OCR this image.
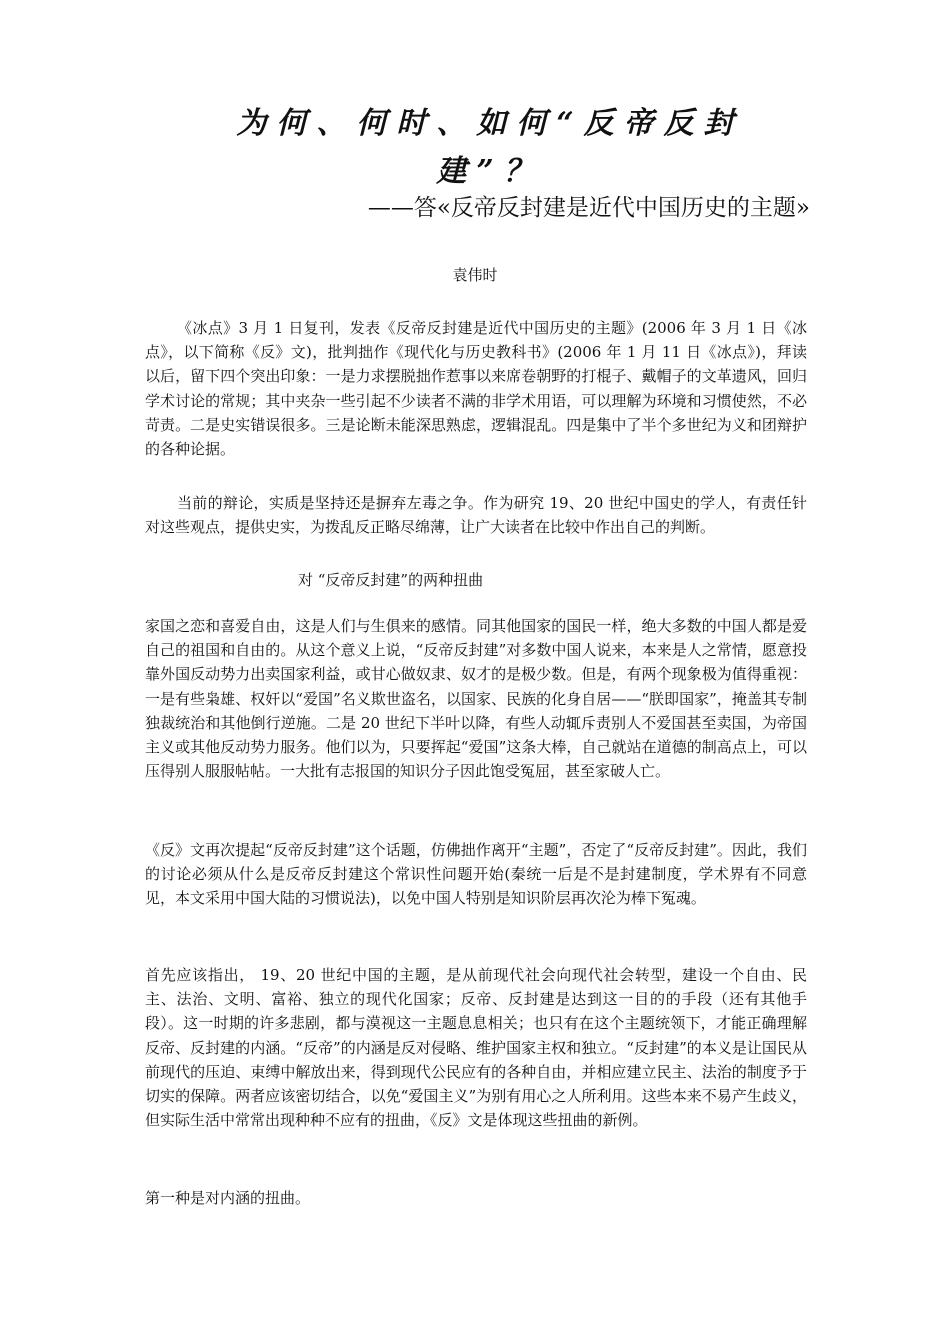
为何、何时、如何“反帝反封建”？
——答«反帝反封建是近代中国历史的主题»
袁伟时

《冰点》3 月 1 日复刊，发表《反帝反封建是近代中国历史的主题》(2006 年 3 月 1 日《冰点》，以下简称《反》文)，批判拙作《现代化与历史教科书》(2006 年 1 月 11 日《冰点》)，拜读以后，留下四个突出印象：一是力求摆脱拙作惹事以来席卷朝野的打棍子、戴帽子的文革遗风，回归学术讨论的常规；其中夹杂一些引起不少读者不满的非学术用语，可以理解为环境和习惯使然，不必苛责。二是史实错误很多。三是论断未能深思熟虑，逻辑混乱。四是集中了半个多世纪为义和团辩护的各种论据。

当前的辩论，实质是坚持还是摒弃左毒之争。作为研究 19、20 世纪中国史的学人，有责任针对这些观点，提供史实，为拨乱反正略尽绵薄，让广大读者在比较中作出自己的判断。

对 “反帝反封建”的两种扭曲

家国之恋和喜爱自由，这是人们与生俱来的感情。同其他国家的国民一样，绝大多数的中国人都是爱自己的祖国和自由的。从这个意义上说，“反帝反封建”对多数中国人说来，本来是人之常情，愿意投靠外国反动势力出卖国家利益，或甘心做奴隶、奴才的是极少数。但是，有两个现象极为值得重视：一是有些枭雄、权奸以“爱国”名义欺世盗名，以国家、民族的化身自居——“朕即国家”，掩盖其专制独裁统治和其他倒行逆施。二是 20 世纪下半叶以降，有些人动辄斥责别人不爱国甚至卖国，为帝国主义或其他反动势力服务。他们以为，只要挥起“爱国”这条大棒，自己就站在道德的制高点上，可以压得别人服服帖帖。一大批有志报国的知识分子因此饱受冤屈，甚至家破人亡。

《反》文再次提起“反帝反封建”这个话题，仿佛拙作离开“主题”，否定了“反帝反封建”。因此，我们的讨论必须从什么是反帝反封建这个常识性问题开始(秦统一后是不是封建制度，学术界有不同意见，本文采用中国大陆的习惯说法)，以免中国人特别是知识阶层再次沦为棒下冤魂。

首先应该指出， 19、20 世纪中国的主题，是从前现代社会向现代社会转型，建设一个自由、民主、法治、文明、富裕、独立的现代化国家；反帝、反封建是达到这一目的的手段（还有其他手段）。这一时期的许多悲剧，都与漠视这一主题息息相关；也只有在这个主题统领下，才能正确理解反帝、反封建的内涵。“反帝”的内涵是反对侵略、维护国家主权和独立。“反封建”的本义是让国民从前现代的压迫、束缚中解放出来，得到现代公民应有的各种自由，并相应建立民主、法治的制度予于切实的保障。两者应该密切结合，以免“爱国主义”为别有用心之人所利用。这些本来不易产生歧义，但实际生活中常常出现种种不应有的扭曲，《反》文是体现这些扭曲的新例。

第一种是对内涵的扭曲。
